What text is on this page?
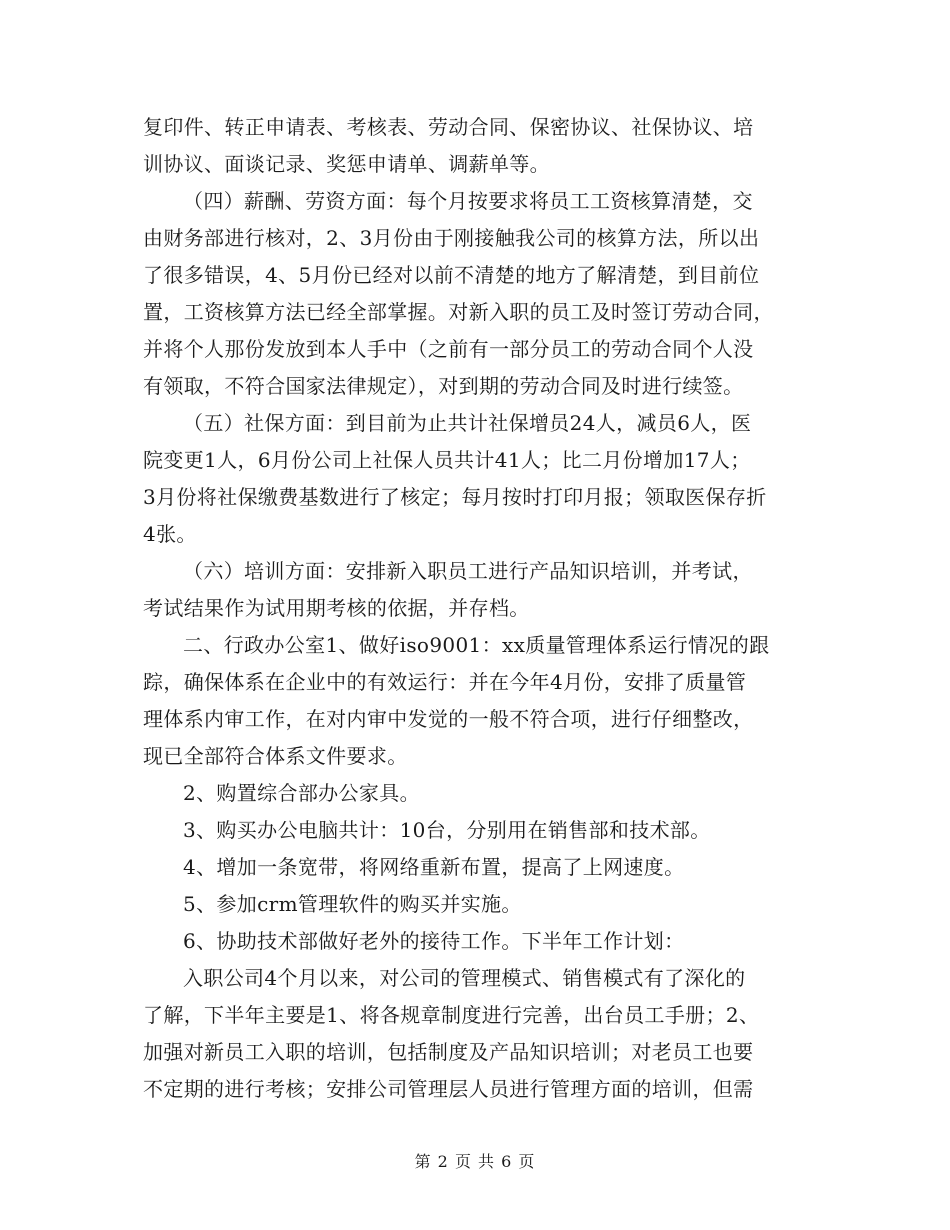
复印件、转正申请表、考核表、劳动合同、保密协议、社保协议、培
训协议、面谈记录、奖惩申请单、调薪单等。
（四）薪酬、劳资方面：每个月按要求将员工工资核算清楚，交
由财务部进行核对，2、3月份由于刚接触我公司的核算方法，所以出
了很多错误，4、5月份已经对以前不清楚的地方了解清楚，到目前位
置，工资核算方法已经全部掌握。对新入职的员工及时签订劳动合同，
并将个人那份发放到本人手中（之前有一部分员工的劳动合同个人没
有领取，不符合国家法律规定），对到期的劳动合同及时进行续签。
（五）社保方面：到目前为止共计社保增员24人，减员6人，医
院变更1人，6月份公司上社保人员共计41人；比二月份增加17人；
3月份将社保缴费基数进行了核定；每月按时打印月报；领取医保存折
4张。
（六）培训方面：安排新入职员工进行产品知识培训，并考试，
考试结果作为试用期考核的依据，并存档。
二、行政办公室1、做好iso9001：xx质量管理体系运行情况的跟
踪，确保体系在企业中的有效运行：并在今年4月份，安排了质量管
理体系内审工作，在对内审中发觉的一般不符合项，进行仔细整改，
现已全部符合体系文件要求。
2、购置综合部办公家具。
3、购买办公电脑共计：10台，分别用在销售部和技术部。
4、增加一条宽带，将网络重新布置，提高了上网速度。
5、参加crm管理软件的购买并实施。
6、协助技术部做好老外的接待工作。下半年工作计划：
入职公司4个月以来，对公司的管理模式、销售模式有了深化的
了解，下半年主要是1、将各规章制度进行完善，出台员工手册；2、
加强对新员工入职的培训，包括制度及产品知识培训；对老员工也要
不定期的进行考核；安排公司管理层人员进行管理方面的培训，但需
第 2 页 共 6 页
